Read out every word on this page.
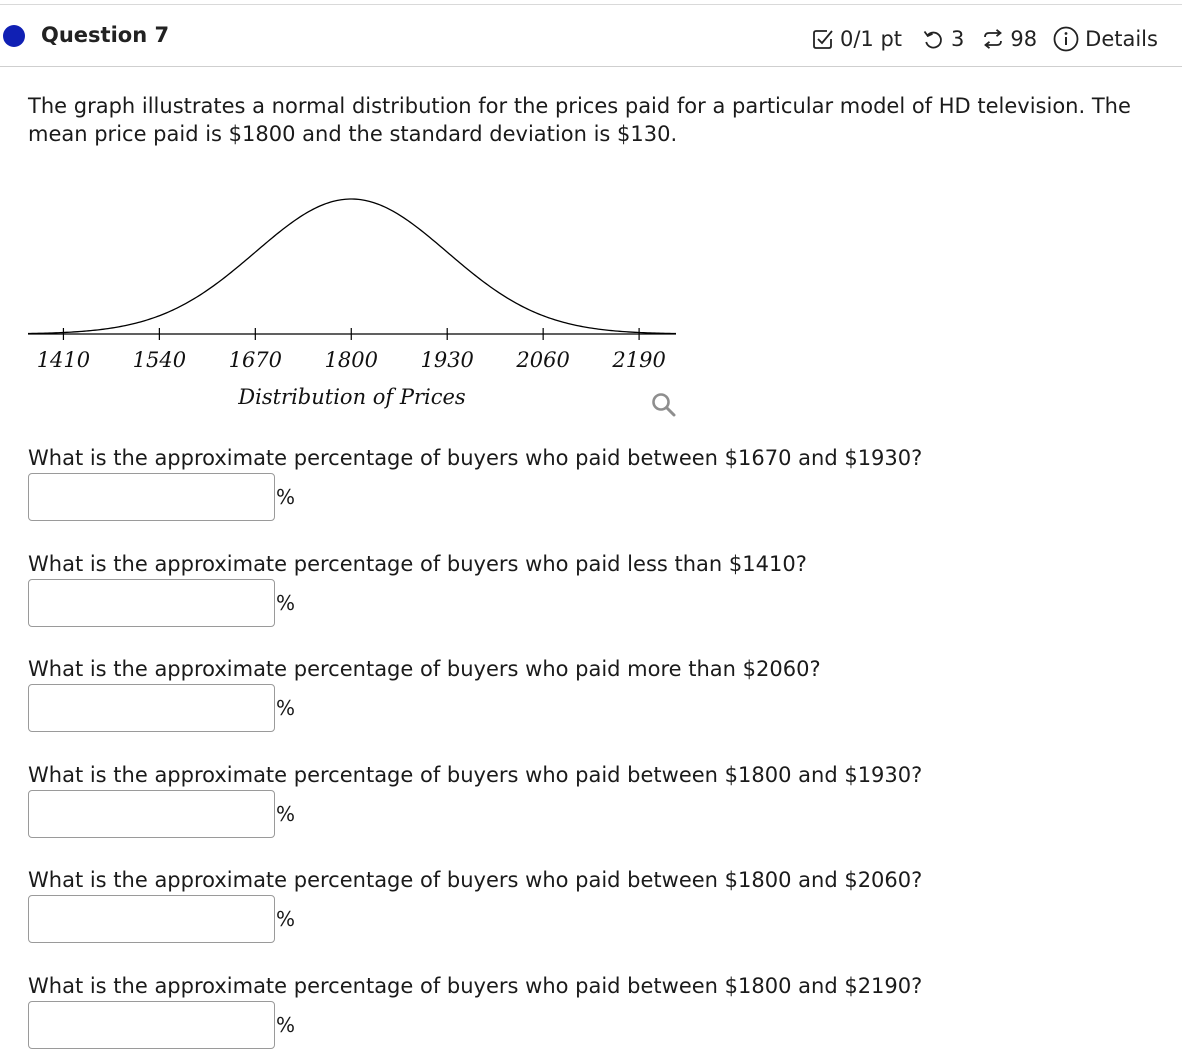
Question 7	0/1 pt 3 98 Details
The graph illustrates a normal distribution for the prices paid for a particular model of HD television. The mean price paid is $1800 and the standard deviation is $130.
1410 1540 1670 1800 1930 2060 2190
Distribution of Prices
What is the approximate percentage of buyers who paid between $1670 and $1930?
%
What is the approximate percentage of buyers who paid less than $1410?
%
What is the approximate percentage of buyers who paid more than $2060?
%
What is the approximate percentage of buyers who paid between $1800 and $1930?
%
What is the approximate percentage of buyers who paid between $1800 and $2060?
%
What is the approximate percentage of buyers who paid between $1800 and $2190?
%
